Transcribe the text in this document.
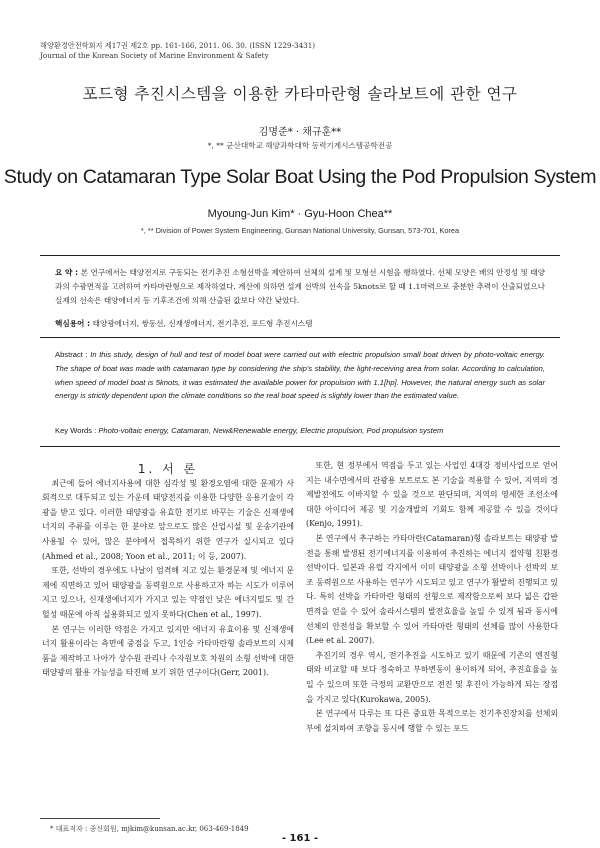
해양환경안전학회지 제17권 제2호 pp. 161-166, 2011. 06. 30. (ISSN 1229-3431)
Journal of the Korean Society of Marine Environment & Safety
포드형 추진시스템을 이용한 카타마란형 솔라보트에 관한 연구
김명준* · 채규훈**
*, ** 군산대학교 해양과학대학 동력기계시스템공학전공
Study on Catamaran Type Solar Boat Using the Pod Propulsion System
Myoung-Jun Kim* · Gyu-Hoon Chea**
*, ** Division of Power System Engineering, Gunsan National University, Gunsan, 573-701, Korea
요 약 : 본 연구에서는 태양전지로 구동되는 전기추진 소형선박을 제안하여 선체의 설계 및 모형선 시험을 행하였다. 선체 모양은 배의 안정성 및 태양과의 수광면적을 고려하여 카타마란형으로 제작하였다. 계산에 의하면 설계 선박의 선속을 5knots로 할 때 1.1마력으로 충분한 추력이 산출되었으나 실제의 선속은 태양에너지 등 기후조건에 의해 산출된 값보다 약간 낮았다.
핵심용어 : 태양광에너지, 쌍동선, 신재생에너지, 전기추진, 포드형 추진시스템
Abstract : In this study, design of hull and test of model boat were carried out with electric propulsion small boat driven by photo-voltaic energy. The shape of boat was made with catamaran type by considering the ship's stability, the light-receiving area from solar. According to calculation, when speed of model boat is 5knots, it was estimated the available power for propulsion with 1.1[hp]. However, the natural energy such as solar energy is strictly dependent upon the climate conditions so the real boat speed is slightly lower than the estimated value.
Key Words : Photo-voltaic energy, Catamaran, New&Renewable energy, Electric propulsion, Pod propulsion system

1. 서 론

최근에 들어 에너지사용에 대한 심각성 및 환경오염에 대한 문제가 사회적으로 대두되고 있는 가운데 태양전지를 이용한 다양한 응용기술이 각광을 받고 있다. 이러한 태양광을 유효한 전기로 바꾸는 기술은 신재생에너지의 주류를 이루는 한 분야로 앞으로도 많은 산업시설 및 운송기관에 사용될 수 있어, 많은 분야에서 접목하기 위한 연구가 실시되고 있다(Ahmed et al., 2008; Yoon et al., 2011; 이 등, 2007).

또한, 선박의 경우에도 나날이 엄격해 지고 있는 환경문제 및 에너지 문제에 직면하고 있어 태양광을 동력원으로 사용하고자 하는 시도가 이루어지고 있으나, 신재생에너지가 가지고 있는 약점인 낮은 에너지밀도 및 간헐성 때문에 아직 실용화되고 있지 못하다(Chen et al., 1997).

본 연구는 이러한 약점은 가지고 있지만 에너지 유효이용 및 신재생에너지 활용이라는 측면에 중점을 두고, 1인승 카타마란형 솔라보트의 시제품을 제작하고 나아가 상수원 관리나 수자원보호 차원의 소형 선박에 대한 태양광의 활용 가능성을 타진해 보기 위한 연구이다(Gerr, 2001).

또한, 현 정부에서 역점을 두고 있는 사업인 4대강 정비사업으로 얻어지는 내수면에서의 관광용 보트로도 본 기술을 적용할 수 있어, 지역의 경제발전에도 이바지할 수 있을 것으로 판단되며, 지역의 영세한 조선소에 대한 아이디어 제공 및 기술개발의 기회도 함께 제공할 수 있을 것이다(Kenjo, 1991).

본 연구에서 추구하는 카타마란(Catamaran)형 솔라보트는 태양광 발전을 통해 발생된 전기에너지를 이용하여 추진하는 에너지 절약형 친환경 선박이다. 일본과 유럽 각지에서 이미 태양광을 소형 선박이나 선박의 보조 동력원으로 사용하는 연구가 시도되고 있고 연구가 활발히 진행되고 있다. 특히 선박을 카타마란 형태의 선형으로 제작함으로써 보다 넓은 갑판면적을 얻을 수 있어 솔라시스템의 발전효율을 높일 수 있게 됨과 동시에 선체의 안전성을 확보할 수 있어 카타마란 형태의 선체를 많이 사용한다(Lee et al. 2007).

추진기의 경우 역시, 전기추진을 시도하고 있기 때문에 기존의 엔진형태와 비교할 때 보다 정숙하고 부하변동이 용이하게 되어, 추진효율을 높일 수 있으며 또한 극정의 교환만으로 전진 및 후진이 가능하게 되는 장점을 가지고 있다(Kurokawa, 2005).

본 연구에서 다루는 또 다른 중요한 목적으로는 전기추진장치를 선체외부에 설치하여 조향을 동시에 행할 수 있는 포드

* 대표저자 : 종신회원, mjkim@kunsan.ac.kr, 063-469-1849
- 161 -
